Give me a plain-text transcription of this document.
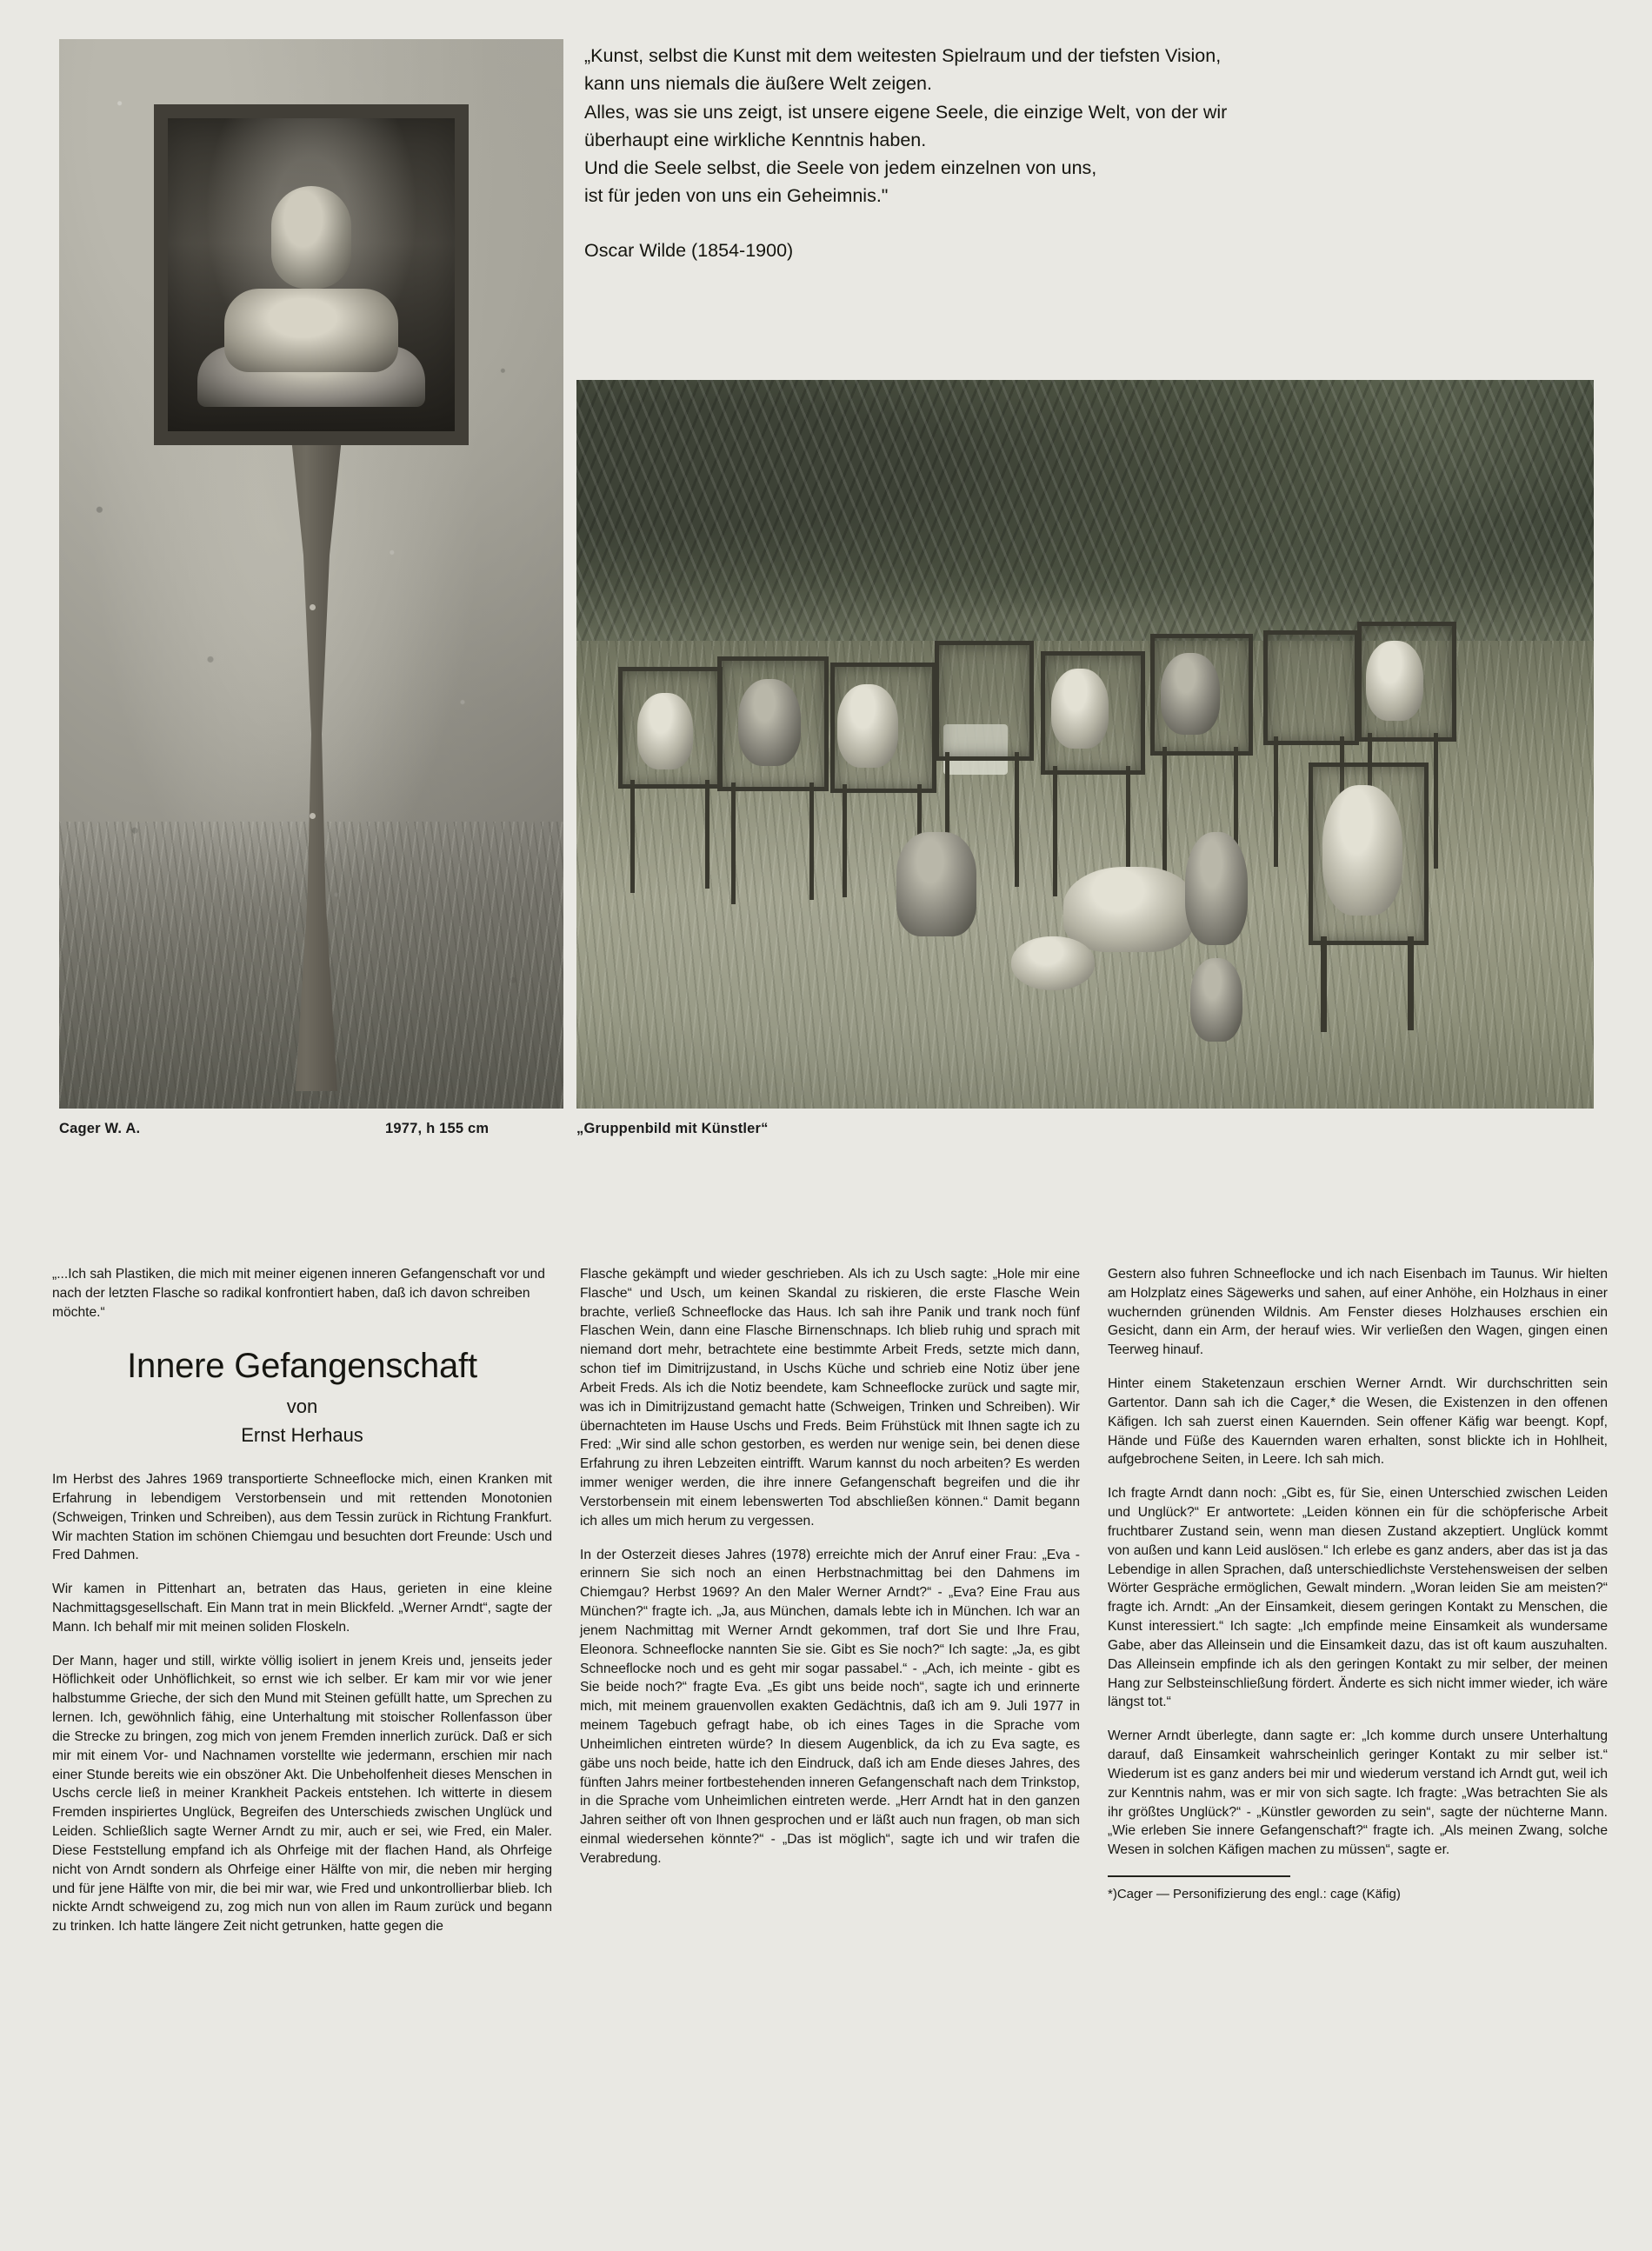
Cager W. A.	1977, h 155 cm

„Kunst, selbst die Kunst mit dem weitesten Spielraum und der tiefsten Vision,

kann uns niemals die äußere Welt zeigen.

Alles, was sie uns zeigt, ist unsere eigene Seele, die einzige Welt, von der wir

überhaupt eine wirkliche Kenntnis haben.

Und die Seele selbst, die Seele von jedem einzelnen von uns,

ist für jeden von uns ein Geheimnis."

Oscar Wilde (1854-1900)

„Gruppenbild mit Künstler“

„...Ich sah Plastiken, die mich mit meiner eigenen inneren Gefangenschaft vor und nach der letzten Flasche so radikal konfrontiert haben, daß ich davon schreiben möchte.“

Innere Gefangenschaft
von
Ernst Herhaus

Im Herbst des Jahres 1969 transportierte Schneeflocke mich, einen Kranken mit Erfahrung in lebendigem Verstorbensein und mit rettenden Monotonien (Schweigen, Trinken und Schreiben), aus dem Tessin zurück in Richtung Frankfurt. Wir machten Station im schönen Chiemgau und besuchten dort Freunde: Usch und Fred Dahmen.

Wir kamen in Pittenhart an, betraten das Haus, gerieten in eine kleine Nachmittagsgesellschaft. Ein Mann trat in mein Blickfeld. „Werner Arndt“, sagte der Mann. Ich behalf mir mit meinen soliden Floskeln.

Der Mann, hager und still, wirkte völlig isoliert in jenem Kreis und, jenseits jeder Höflichkeit oder Unhöflichkeit, so ernst wie ich selber. Er kam mir vor wie jener halbstumme Grieche, der sich den Mund mit Steinen gefüllt hatte, um Sprechen zu lernen. Ich, gewöhnlich fähig, eine Unterhaltung mit stoischer Rollenfasson über die Strecke zu bringen, zog mich von jenem Fremden innerlich zurück. Daß er sich mir mit einem Vor- und Nachnamen vorstellte wie jedermann, erschien mir nach einer Stunde bereits wie ein obszöner Akt. Die Unbeholfenheit dieses Menschen in Uschs cercle ließ in meiner Krankheit Packeis entstehen. Ich witterte in diesem Fremden inspiriertes Unglück, Begreifen des Unterschieds zwischen Unglück und Leiden. Schließlich sagte Werner Arndt zu mir, auch er sei, wie Fred, ein Maler. Diese Feststellung empfand ich als Ohrfeige mit der flachen Hand, als Ohrfeige nicht von Arndt sondern als Ohrfeige einer Hälfte von mir, die neben mir herging und für jene Hälfte von mir, die bei mir war, wie Fred und unkontrollierbar blieb. Ich nickte Arndt schweigend zu, zog mich nun von allen im Raum zurück und begann zu trinken. Ich hatte längere Zeit nicht getrunken, hatte gegen die

Flasche gekämpft und wieder geschrieben. Als ich zu Usch sagte: „Hole mir eine Flasche“ und Usch, um keinen Skandal zu riskieren, die erste Flasche Wein brachte, verließ Schneeflocke das Haus. Ich sah ihre Panik und trank noch fünf Flaschen Wein, dann eine Flasche Birnenschnaps. Ich blieb ruhig und sprach mit niemand dort mehr, betrachtete eine bestimmte Arbeit Freds, setzte mich dann, schon tief im Dimitrijzustand, in Uschs Küche und schrieb eine Notiz über jene Arbeit Freds. Als ich die Notiz beendete, kam Schneeflocke zurück und sagte mir, was ich in Dimitrijzustand gemacht hatte (Schweigen, Trinken und Schreiben). Wir übernachteten im Hause Uschs und Freds. Beim Frühstück mit Ihnen sagte ich zu Fred: „Wir sind alle schon gestorben, es werden nur wenige sein, bei denen diese Erfahrung zu ihren Lebzeiten eintrifft. Warum kannst du noch arbeiten? Es werden immer weniger werden, die ihre innere Gefangenschaft begreifen und die ihr Verstorbensein mit einem lebenswerten Tod abschließen können.“ Damit begann ich alles um mich herum zu vergessen.

In der Osterzeit dieses Jahres (1978) erreichte mich der Anruf einer Frau: „Eva - erinnern Sie sich noch an einen Herbstnachmittag bei den Dahmens im Chiemgau? Herbst 1969? An den Maler Werner Arndt?“ - „Eva? Eine Frau aus München?“ fragte ich. „Ja, aus München, damals lebte ich in München. Ich war an jenem Nachmittag mit Werner Arndt gekommen, traf dort Sie und Ihre Frau, Eleonora. Schneeflocke nannten Sie sie. Gibt es Sie noch?“ Ich sagte: „Ja, es gibt Schneeflocke noch und es geht mir sogar passabel.“ - „Ach, ich meinte - gibt es Sie beide noch?“ fragte Eva. „Es gibt uns beide noch“, sagte ich und erinnerte mich, mit meinem grauenvollen exakten Gedächtnis, daß ich am 9. Juli 1977 in meinem Tagebuch gefragt habe, ob ich eines Tages in die Sprache vom Unheimlichen eintreten würde? In diesem Augenblick, da ich zu Eva sagte, es gäbe uns noch beide, hatte ich den Eindruck, daß ich am Ende dieses Jahres, des fünften Jahrs meiner fortbestehenden inneren Gefangenschaft nach dem Trinkstop, in die Sprache vom Unheimlichen eintreten werde. „Herr Arndt hat in den ganzen Jahren seither oft von Ihnen gesprochen und er läßt auch nun fragen, ob man sich einmal wiedersehen könnte?“ - „Das ist möglich“, sagte ich und wir trafen die Verabredung.

Gestern also fuhren Schneeflocke und ich nach Eisenbach im Taunus. Wir hielten am Holzplatz eines Sägewerks und sahen, auf einer Anhöhe, ein Holzhaus in einer wuchernden grünenden Wildnis. Am Fenster dieses Holzhauses erschien ein Gesicht, dann ein Arm, der herauf wies. Wir verließen den Wagen, gingen einen Teerweg hinauf.

Hinter einem Staketenzaun erschien Werner Arndt. Wir durchschritten sein Gartentor. Dann sah ich die Cager,* die Wesen, die Existenzen in den offenen Käfigen. Ich sah zuerst einen Kauernden. Sein offener Käfig war beengt. Kopf, Hände und Füße des Kauernden waren erhalten, sonst blickte ich in Hohlheit, aufgebrochene Seiten, in Leere. Ich sah mich.

Ich fragte Arndt dann noch: „Gibt es, für Sie, einen Unterschied zwischen Leiden und Unglück?“ Er antwortete: „Leiden können ein für die schöpferische Arbeit fruchtbarer Zustand sein, wenn man diesen Zustand akzeptiert. Unglück kommt von außen und kann Leid auslösen.“ Ich erlebe es ganz anders, aber das ist ja das Lebendige in allen Sprachen, daß unterschiedlichste Verstehensweisen der selben Wörter Gespräche ermöglichen, Gewalt mindern. „Woran leiden Sie am meisten?“ fragte ich. Arndt: „An der Einsamkeit, diesem geringen Kontakt zu Menschen, die Kunst interessiert.“ Ich sagte: „Ich empfinde meine Einsamkeit als wundersame Gabe, aber das Alleinsein und die Einsamkeit dazu, das ist oft kaum auszuhalten. Das Alleinsein empfinde ich als den geringen Kontakt zu mir selber, der meinen Hang zur Selbsteinschließung fördert. Änderte es sich nicht immer wieder, ich wäre längst tot.“

Werner Arndt überlegte, dann sagte er: „Ich komme durch unsere Unterhaltung darauf, daß Einsamkeit wahrscheinlich geringer Kontakt zu mir selber ist.“ Wiederum ist es ganz anders bei mir und wiederum verstand ich Arndt gut, weil ich zur Kenntnis nahm, was er mir von sich sagte. Ich fragte: „Was betrachten Sie als ihr größtes Unglück?“ - „Künstler geworden zu sein“, sagte der nüchterne Mann. „Wie erleben Sie innere Gefangenschaft?“ fragte ich. „Als meinen Zwang, solche Wesen in solchen Käfigen machen zu müssen“, sagte er.

*)Cager — Personifizierung des engl.: cage (Käfig)
